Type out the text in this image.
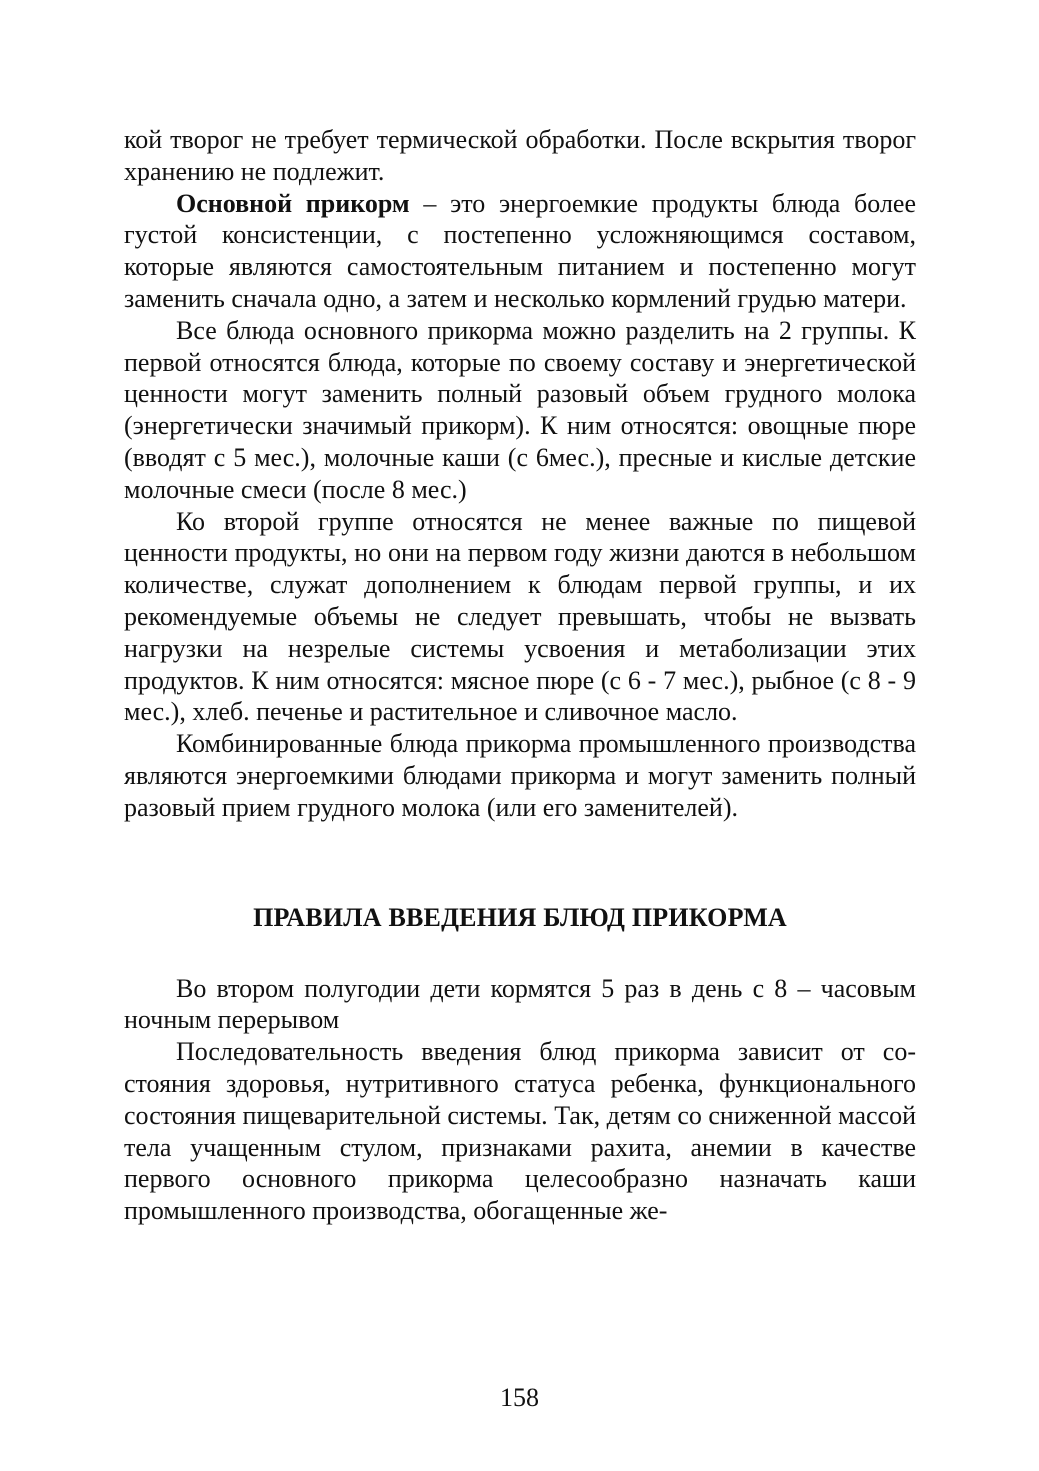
кой творог не требует термической обработки. После вскрытия творог хранению не подлежит.

Основной прикорм – это энергоемкие продукты блюда более густой консистенции, с постепенно усложняющимся составом, которые являются самостоятельным питанием и постепенно могут заменить сначала одно, а затем и несколько кормлений грудью матери.

Все блюда основного прикорма можно разделить на 2 группы. К первой относятся блюда, которые по своему составу и энергетической ценности могут заменить полный разовый объем грудного молока (энергетически значимый прикорм). К ним относятся: овощные пюре (вводят с 5 мес.), молочные каши (с 6мес.), пресные и кислые детские молочные смеси (после 8 мес.)

Ко второй группе относятся не менее важные по пищевой ценности продукты, но они на первом году жизни даются в небольшом количестве, служат дополнением к блюдам первой группы, и их рекомендуемые объемы не следует превышать, чтобы не вызвать нагрузки на незрелые системы усвоения и метаболизации этих продуктов. К ним относятся: мясное пюре (с 6 - 7 мес.), рыбное (с 8 - 9 мес.), хлеб. печенье и растительное и сливочное масло.

Комбинированные блюда прикорма промышленного производства являются энергоемкими блюдами прикорма и могут заменить полный разовый прием грудного молока (или его заменителей).

ПРАВИЛА ВВЕДЕНИЯ БЛЮД ПРИКОРМА

Во втором полугодии дети кормятся 5 раз в день с 8 – часовым ночным перерывом

Последовательность введения блюд прикорма зависит от состояния здоровья, нутритивного статуса ребенка, функционального состояния пищеварительной системы. Так, детям со сниженной массой тела учащенным стулом, признаками рахита, анемии в качестве первого основного прикорма целесообразно назначать каши промышленного производства, обогащенные же-

158
